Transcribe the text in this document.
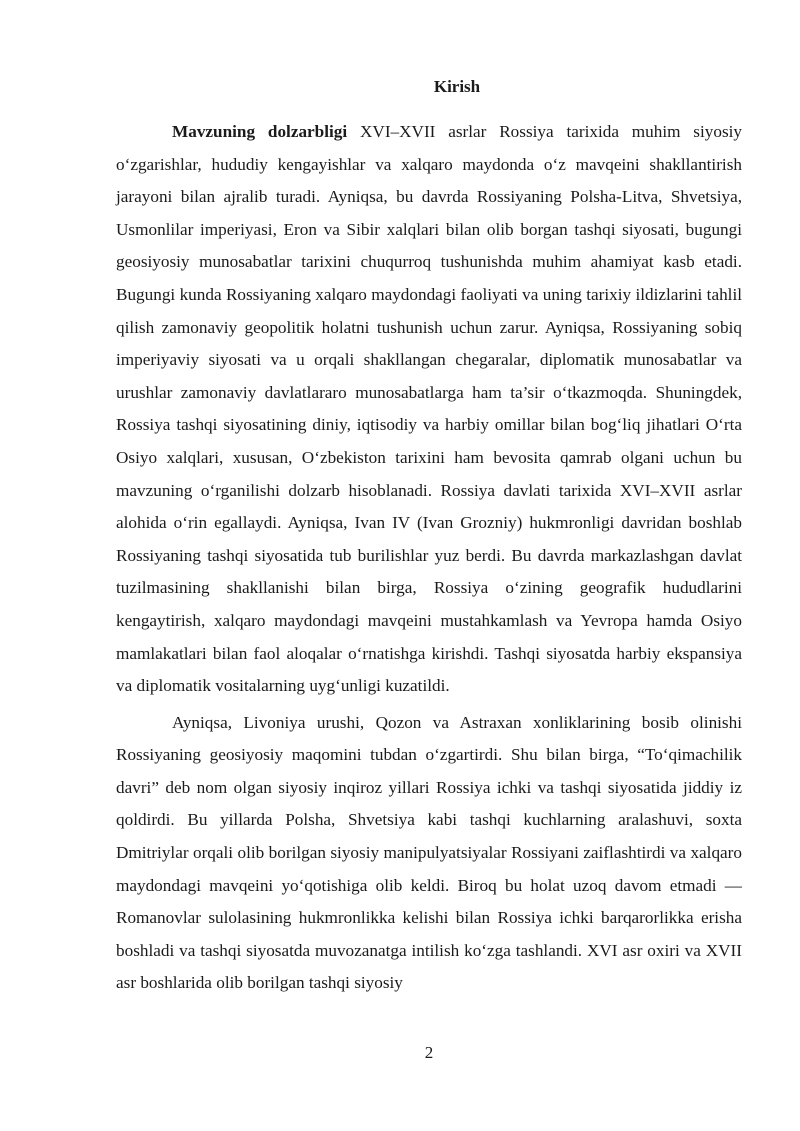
Kirish

Mavzuning dolzarbligi XVI–XVII asrlar Rossiya tarixida muhim siyosiy o‘zgarishlar, hududiy kengayishlar va xalqaro maydonda o‘z mavqeini shakllantirish jarayoni bilan ajralib turadi. Ayniqsa, bu davrda Rossiyaning Polsha-Litva, Shvetsiya, Usmonlilar imperiyasi, Eron va Sibir xalqlari bilan olib borgan tashqi siyosati, bugungi geosiyosiy munosabatlar tarixini chuqurroq tushunishda muhim ahamiyat kasb etadi. Bugungi kunda Rossiyaning xalqaro maydondagi faoliyati va uning tarixiy ildizlarini tahlil qilish zamonaviy geopolitik holatni tushunish uchun zarur. Ayniqsa, Rossiyaning sobiq imperiyaviy siyosati va u orqali shakllangan chegaralar, diplomatik munosabatlar va urushlar zamonaviy davlatlararo munosabatlarga ham ta’sir o‘tkazmoqda. Shuningdek, Rossiya tashqi siyosatining diniy, iqtisodiy va harbiy omillar bilan bog‘liq jihatlari O‘rta Osiyo xalqlari, xususan, O‘zbekiston tarixini ham bevosita qamrab olgani uchun bu mavzuning o‘rganilishi dolzarb hisoblanadi. Rossiya davlati tarixida XVI–XVII asrlar alohida o‘rin egallaydi. Ayniqsa, Ivan IV (Ivan Grozniy) hukmronligi davridan boshlab Rossiyaning tashqi siyosatida tub burilishlar yuz berdi. Bu davrda markazlashgan davlat tuzilmasining shakllanishi bilan birga, Rossiya o‘zining geografik hududlarini kengaytirish, xalqaro maydondagi mavqeini mustahkamlash va Yevropa hamda Osiyo mamlakatlari bilan faol aloqalar o‘rnatishga kirishdi. Tashqi siyosatda harbiy ekspansiya va diplomatik vositalarning uyg‘unligi kuzatildi.

Ayniqsa, Livoniya urushi, Qozon va Astraxan xonliklarining bosib olinishi Rossiyaning geosiyosiy maqomini tubdan o‘zgartirdi. Shu bilan birga, “To‘qimachilik davri” deb nom olgan siyosiy inqiroz yillari Rossiya ichki va tashqi siyosatida jiddiy iz qoldirdi. Bu yillarda Polsha, Shvetsiya kabi tashqi kuchlarning aralashuvi, soxta Dmitriylar orqali olib borilgan siyosiy manipulyatsiyalar Rossiyani zaiflashtirdi va xalqaro maydondagi mavqeini yo‘qotishiga olib keldi. Biroq bu holat uzoq davom etmadi — Romanovlar sulolasining hukmronlikka kelishi bilan Rossiya ichki barqarorlikka erisha boshladi va tashqi siyosatda muvozanatga intilish ko‘zga tashlandi. XVI asr oxiri va XVII asr boshlarida olib borilgan tashqi siyosiy

2
